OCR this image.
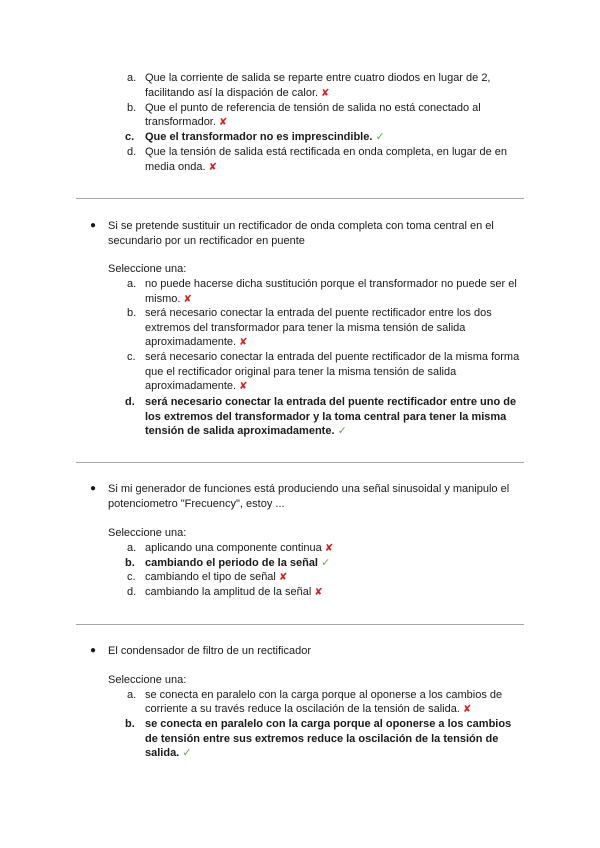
a. Que la corriente de salida se reparte entre cuatro diodos en lugar de 2, facilitando así la dispación de calor. ✘
b. Que el punto de referencia de tensión de salida no está conectado al transformador. ✘
c. Que el transformador no es imprescindible. ✓
d. Que la tensión de salida está rectificada en onda completa, en lugar de en media onda. ✘
● Si se pretende sustituir un rectificador de onda completa con toma central en el secundario por un rectificador en puente
Seleccione una:
a. no puede hacerse dicha sustitución porque el transformador no puede ser el mismo. ✘
b. será necesario conectar la entrada del puente rectificador entre los dos extremos del transformador para tener la misma tensión de salida aproximadamente. ✘
c. será necesario conectar la entrada del puente rectificador de la misma forma que el rectificador original para tener la misma tensión de salida aproximadamente. ✘
d. será necesario conectar la entrada del puente rectificador entre uno de los extremos del transformador y la toma central para tener la misma tensión de salida aproximadamente. ✓
● Si mi generador de funciones está produciendo una señal sinusoidal y manipulo el potenciometro "Frecuency", estoy ...
Seleccione una:
a. aplicando una componente continua ✘
b. cambiando el periodo de la señal ✓
c. cambiando el tipo de señal ✘
d. cambiando la amplitud de la señal ✘
● El condensador de filtro de un rectificador
Seleccione una:
a. se conecta en paralelo con la carga porque al oponerse a los cambios de corriente a su través reduce la oscilación de la tensión de salida. ✘
b. se conecta en paralelo con la carga porque al oponerse a los cambios de tensión entre sus extremos reduce la oscilación de la tensión de salida. ✓
